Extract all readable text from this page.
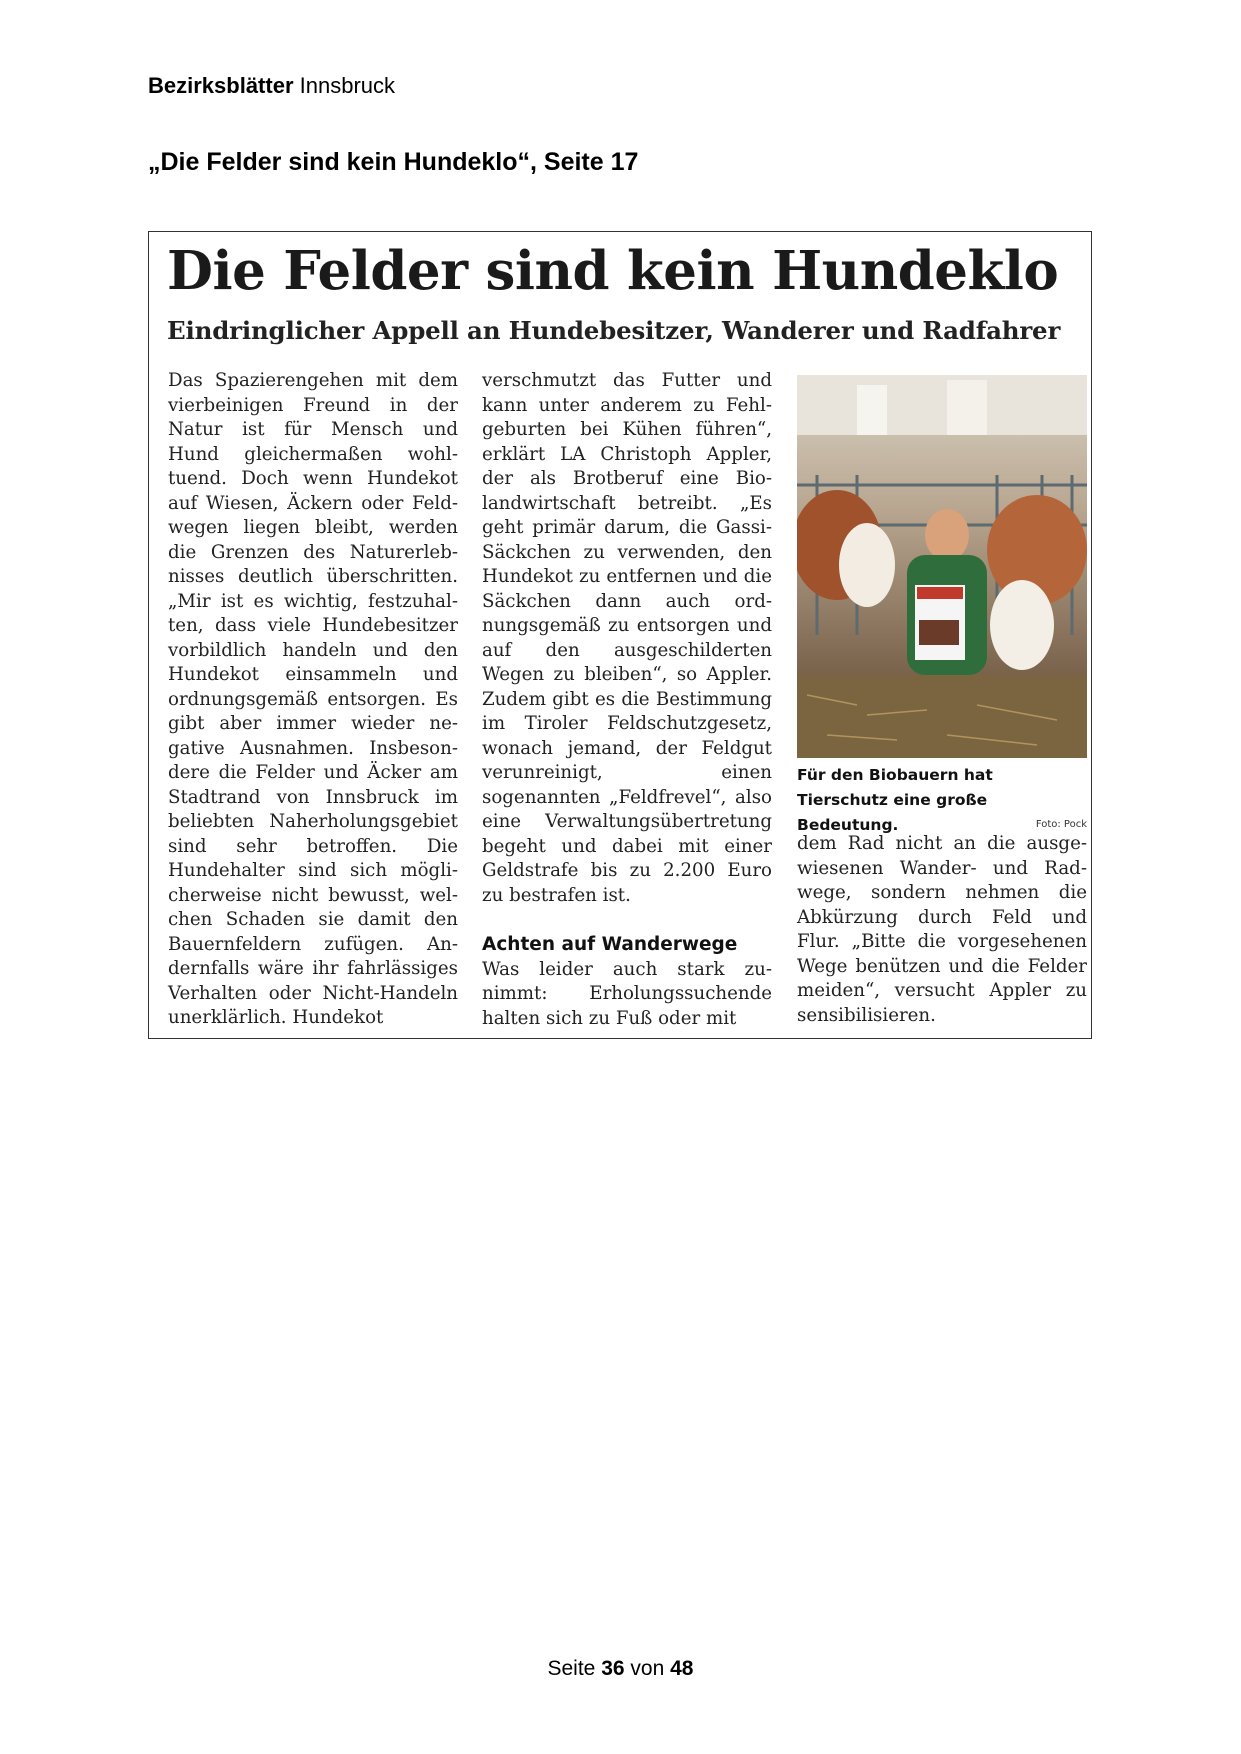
Bezirksblätter Innsbruck
„Die Felder sind kein Hundeklo“, Seite 17
Die Felder sind kein Hundeklo
Eindringlicher Appell an Hundebesitzer, Wanderer und Radfahrer

Das Spazierengehen mit dem vierbeinigen Freund in der Natur ist für Mensch und Hund gleichermaßen wohltuend. Doch wenn Hundekot auf Wiesen, Äckern oder Feldwegen liegen bleibt, werden die Grenzen des Naturerlebnisses deutlich überschritten. „Mir ist es wichtig, festzuhalten, dass viele Hundebesitzer vorbildlich handeln und den Hundekot einsammeln und ordnungsgemäß entsorgen. Es gibt aber immer wieder negative Ausnahmen. Insbesondere die Felder und Äcker am Stadtrand von Innsbruck im beliebten Naherholungsgebiet sind sehr betroffen. Die Hundehalter sind sich möglicherweise nicht bewusst, welchen Schaden sie damit den Bauernfeldern zufügen. Andernfalls wäre ihr fahrlässiges Verhalten oder Nicht-Handeln unerklärlich. Hundekot

verschmutzt das Futter und kann unter anderem zu Fehlgeburten bei Kühen führen“, erklärt LA Christoph Appler, der als Brotberuf eine Biolandwirtschaft betreibt. „Es geht primär darum, die Gassi-Säckchen zu verwenden, den Hundekot zu entfernen und die Säckchen dann auch ordnungsgemäß zu entsorgen und auf den ausgeschilderten Wegen zu bleiben“, so Appler. Zudem gibt es die Bestimmung im Tiroler Feldschutzgesetz, wonach jemand, der Feldgut verunreinigt, einen sogenannten „Feldfrevel“, also eine Verwaltungsübertretung begeht und dabei mit einer Geldstrafe bis zu 2.200 Euro zu bestrafen ist.

Achten auf Wanderwege

Was leider auch stark zunimmt: Erholungssuchende halten sich zu Fuß oder mit

Für den Biobauern hat Tierschutz eine große Bedeutung.	Foto: Pock

dem Rad nicht an die ausgewiesenen Wander- und Radwege, sondern nehmen die Abkürzung durch Feld und Flur. „Bitte die vorgesehenen Wege benützen und die Felder meiden“, versucht Appler zu sensibilisieren.

Seite 36 von 48
